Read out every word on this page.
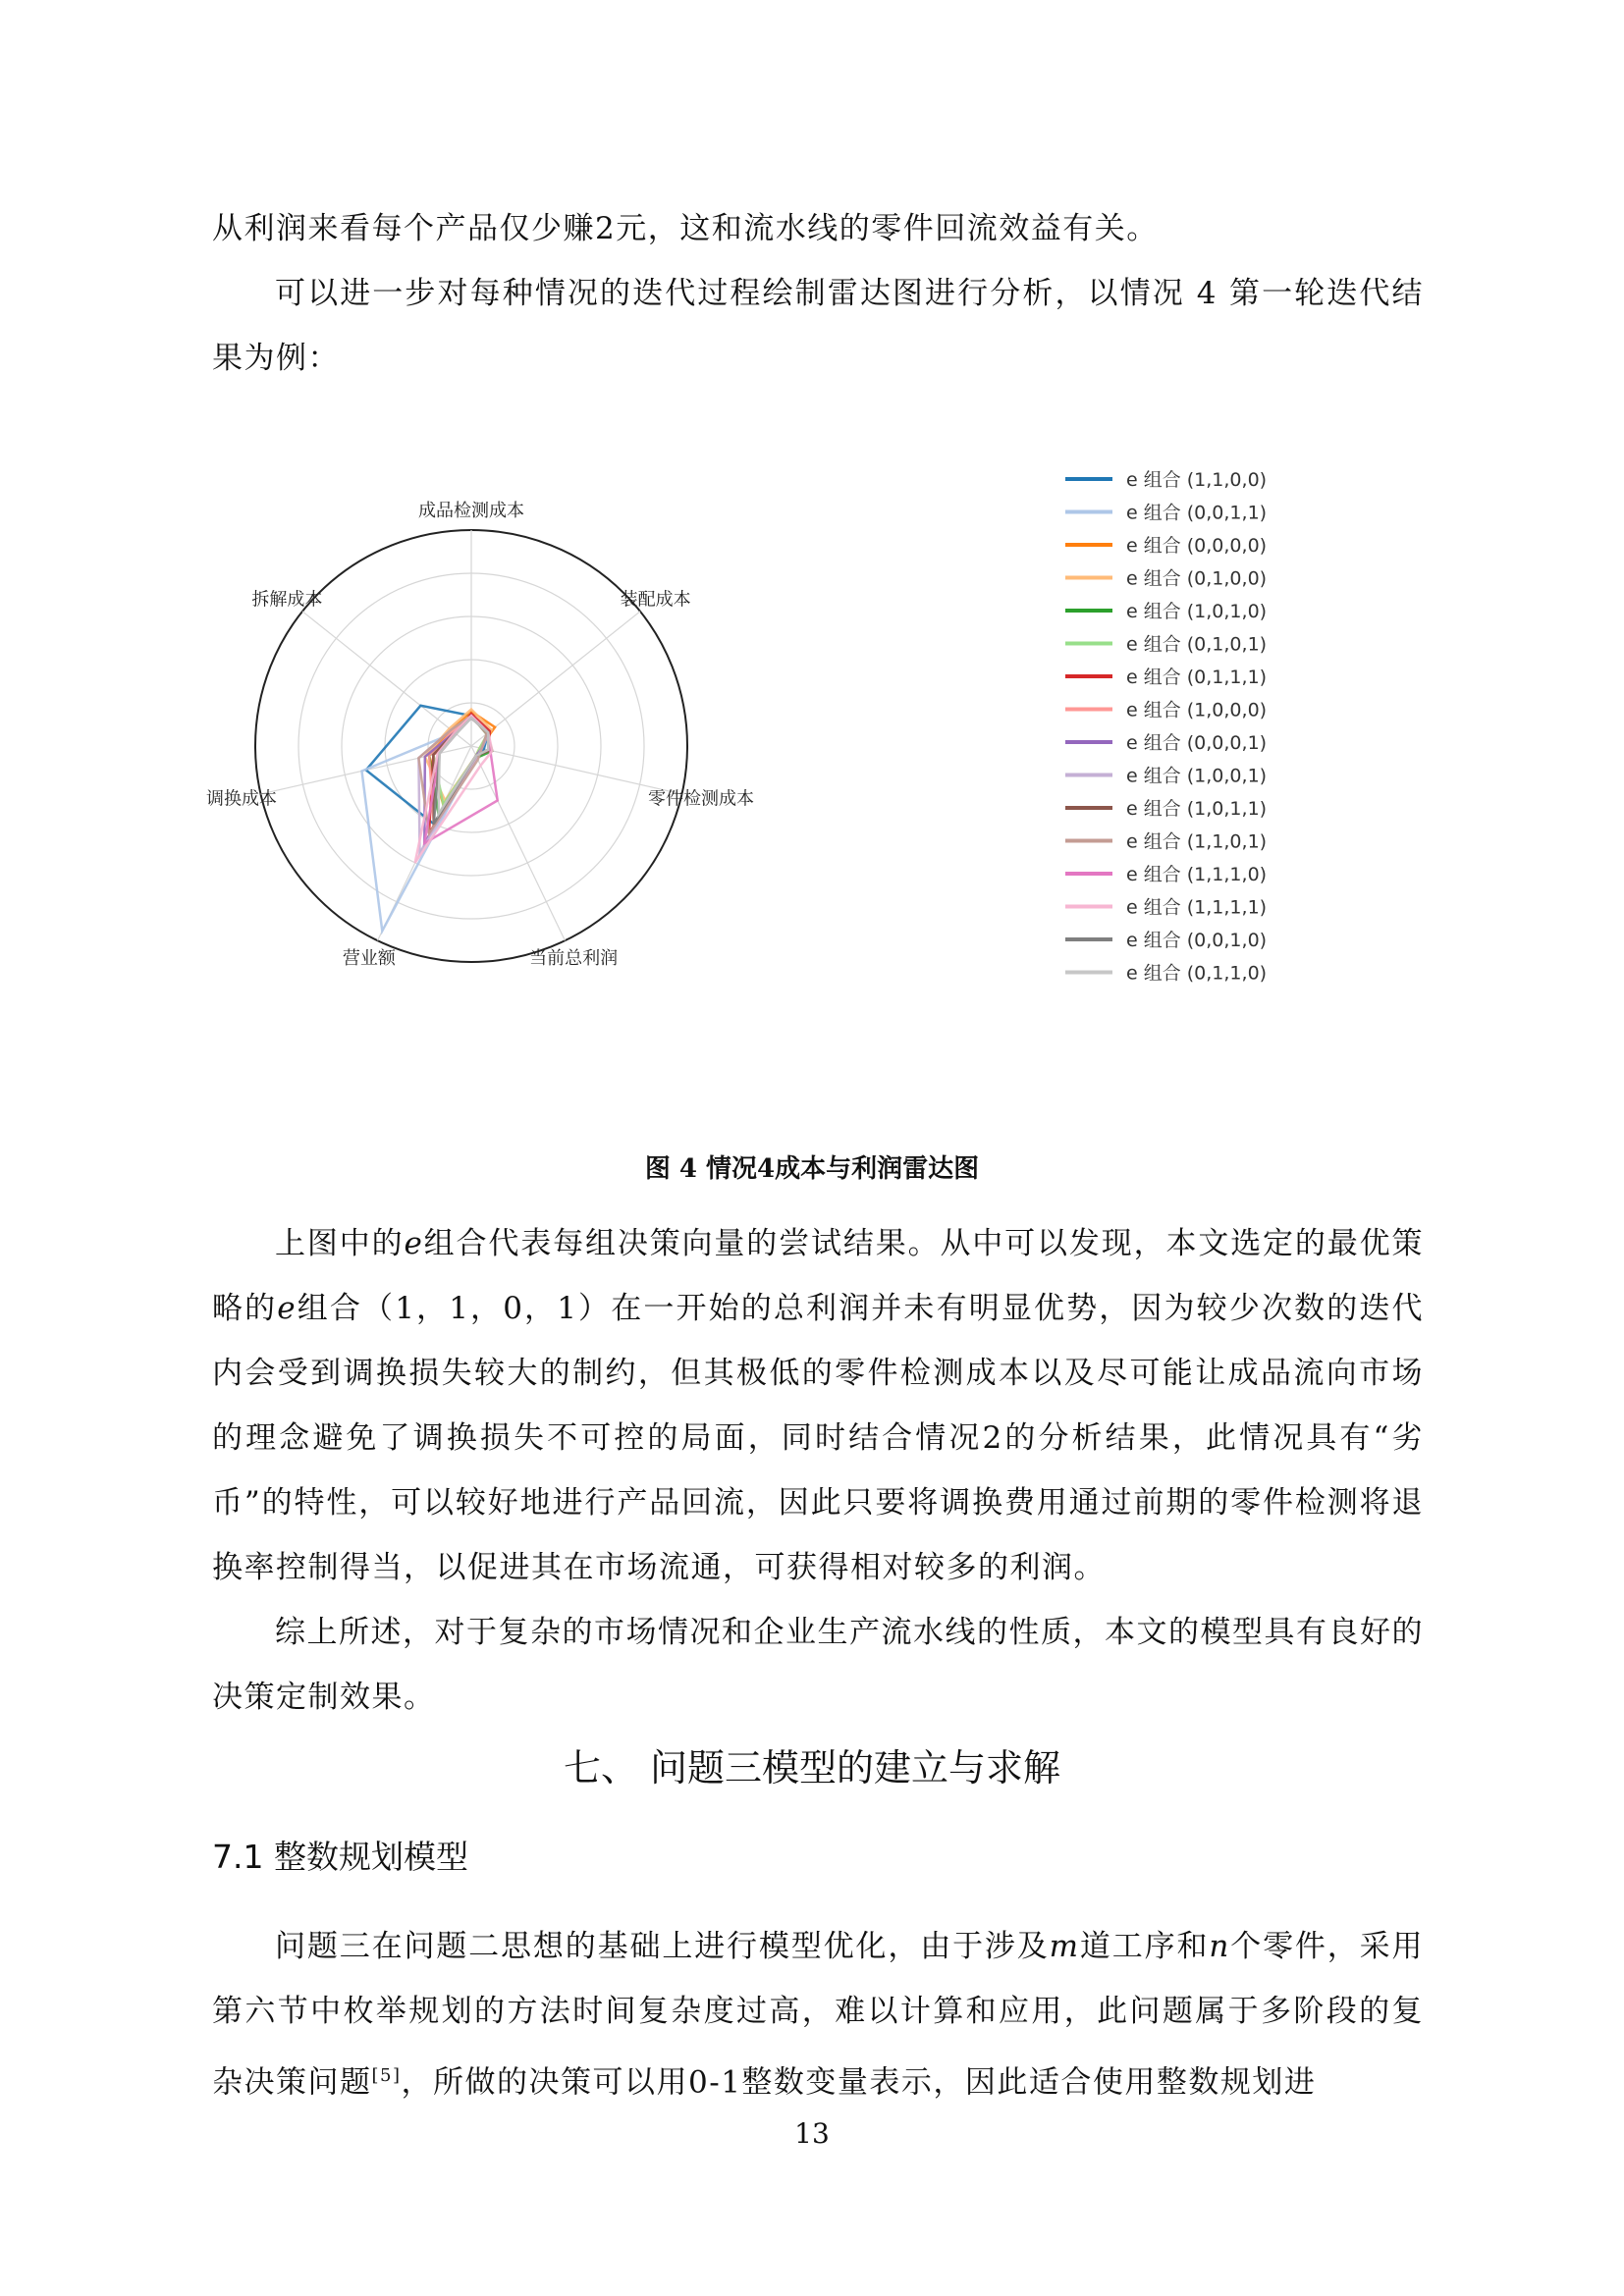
从利润来看每个产品仅少赚2元，这和流水线的零件回流效益有关。

可以进一步对每种情况的迭代过程绘制雷达图进行分析，以情况 4 第一轮迭代结果为例：

成品检测成本
装配成本
零件检测成本
当前总利润
营业额
调换成本
拆解成本
e 组合 (1,1,0,0)
e 组合 (0,0,1,1)
e 组合 (0,0,0,0)
e 组合 (0,1,0,0)
e 组合 (1,0,1,0)
e 组合 (0,1,0,1)
e 组合 (0,1,1,1)
e 组合 (1,0,0,0)
e 组合 (0,0,0,1)
e 组合 (1,0,0,1)
e 组合 (1,0,1,1)
e 组合 (1,1,0,1)
e 组合 (1,1,1,0)
e 组合 (1,1,1,1)
e 组合 (0,0,1,0)
e 组合 (0,1,1,0)
图 4 情况4成本与利润雷达图

上图中的e组合代表每组决策向量的尝试结果。从中可以发现，本文选定的最优策略的e组合（1，1，0，1）在一开始的总利润并未有明显优势，因为较少次数的迭代内会受到调换损失较大的制约，但其极低的零件检测成本以及尽可能让成品流向市场的理念避免了调换损失不可控的局面，同时结合情况2的分析结果，此情况具有“劣币”的特性，可以较好地进行产品回流，因此只要将调换费用通过前期的零件检测将退换率控制得当，以促进其在市场流通，可获得相对较多的利润。

综上所述，对于复杂的市场情况和企业生产流水线的性质，本文的模型具有良好的决策定制效果。

七、 问题三模型的建立与求解
7.1 整数规划模型

问题三在问题二思想的基础上进行模型优化，由于涉及m道工序和n个零件，采用第六节中枚举规划的方法时间复杂度过高，难以计算和应用，此问题属于多阶段的复杂决策问题[5]，所做的决策可以用0-1整数变量表示，因此适合使用整数规划进

13
